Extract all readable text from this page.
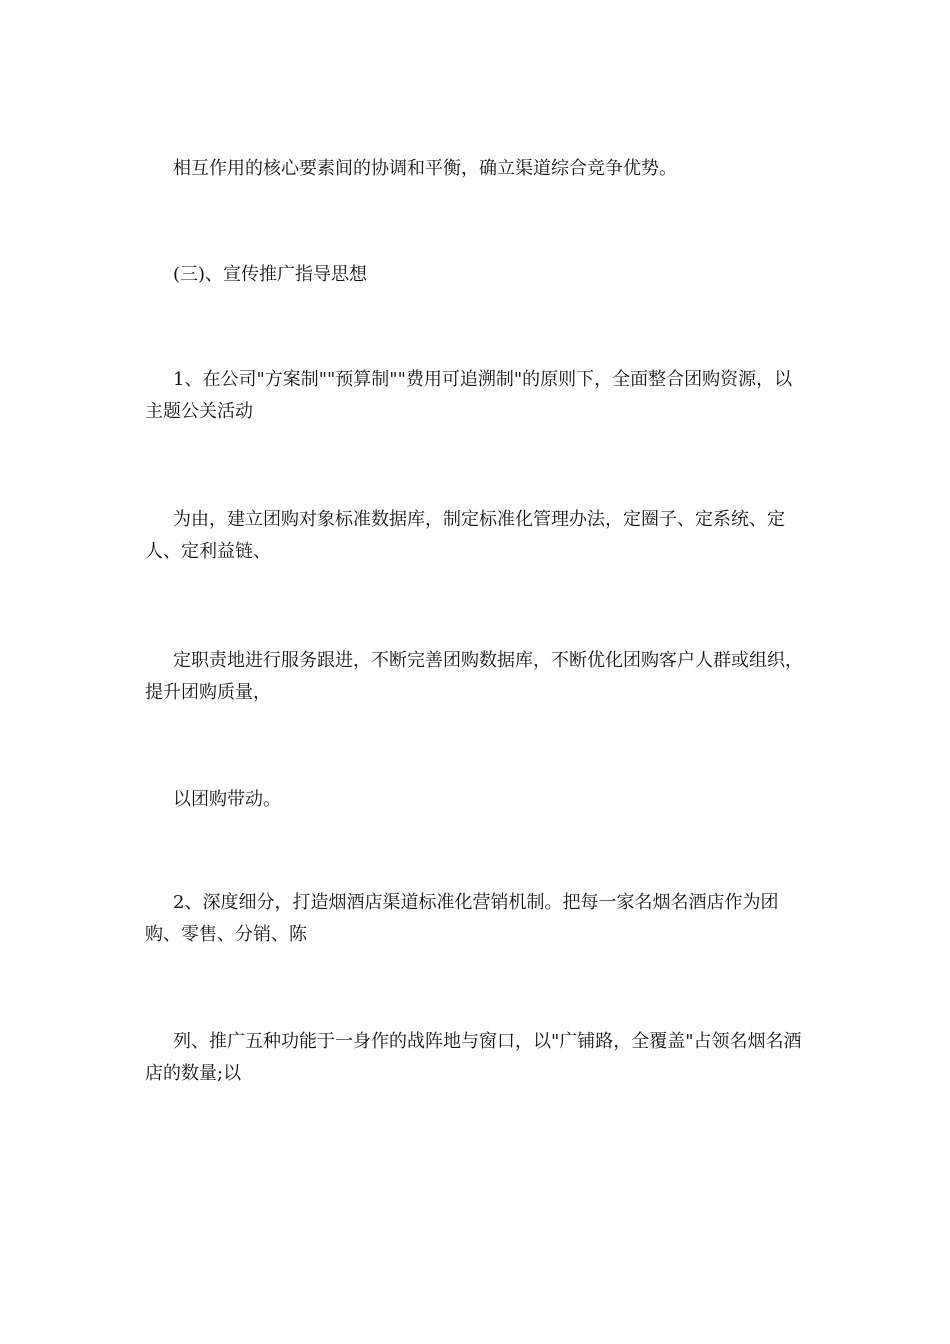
相互作用的核心要素间的协调和平衡，确立渠道综合竞争优势。

(三)、宣传推广指导思想

1、在公司"方案制""预算制""费用可追溯制"的原则下，全面整合团购资源，以主题公关活动

为由，建立团购对象标准数据库，制定标准化管理办法，定圈子、定系统、定人、定利益链、

定职责地进行服务跟进，不断完善团购数据库，不断优化团购客户人群或组织，提升团购质量，

以团购带动。

2、深度细分，打造烟酒店渠道标准化营销机制。把每一家名烟名酒店作为团购、零售、分销、陈

列、推广五种功能于一身作的战阵地与窗口，以"广铺路，全覆盖"占领名烟名酒店的数量;以
